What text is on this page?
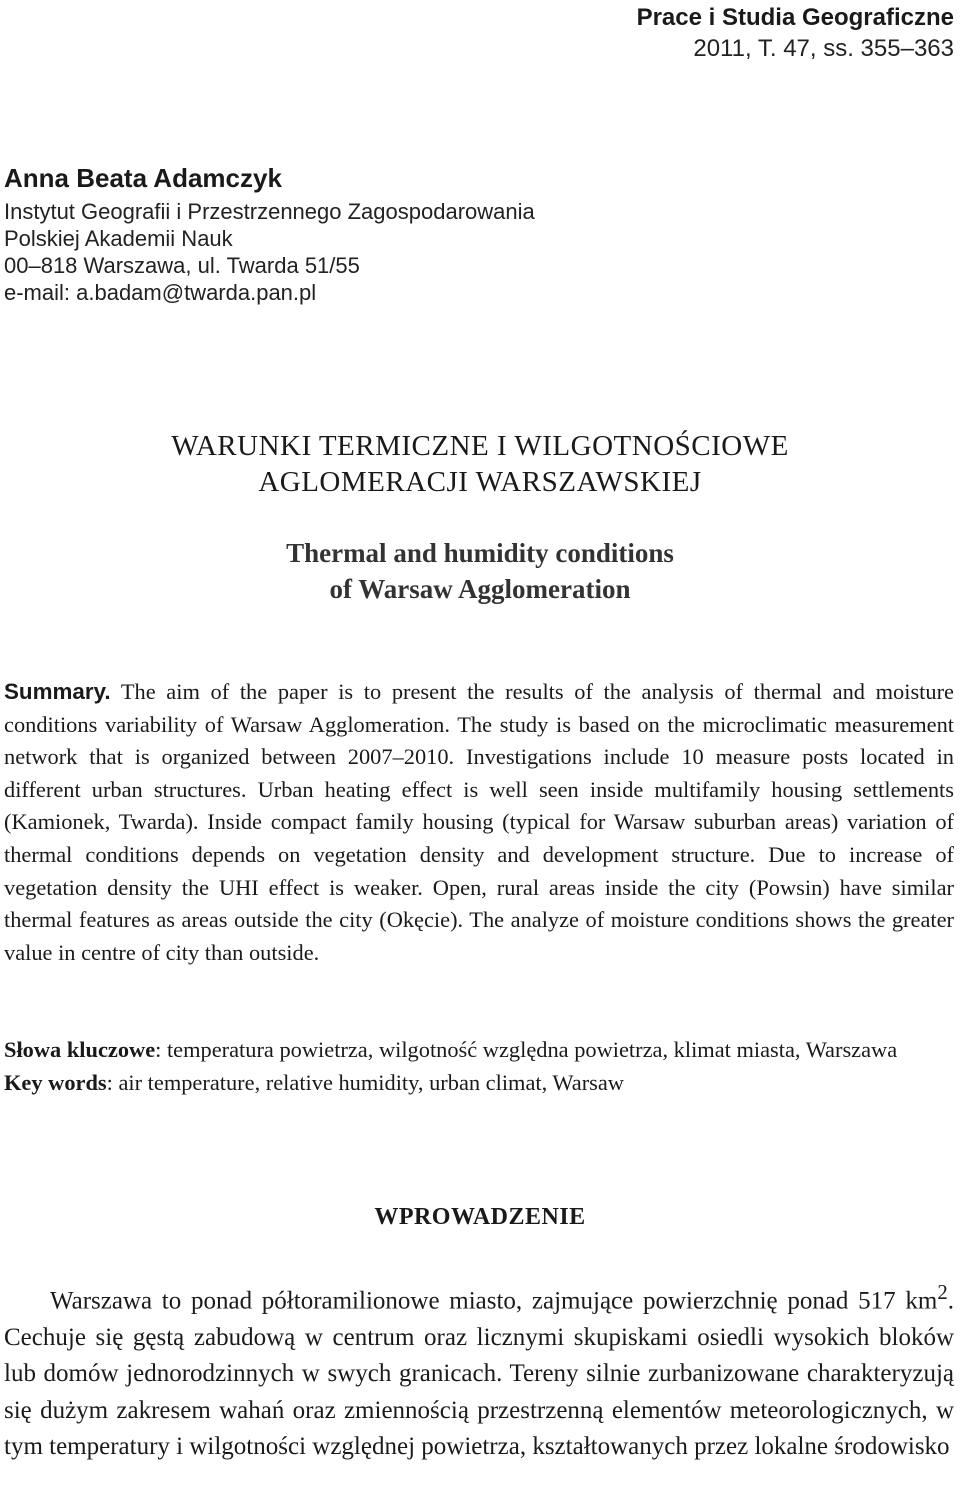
Prace i Studia Geograficzne
2011, T. 47, ss. 355–363
Anna Beata Adamczyk
Instytut Geografii i Przestrzennego Zagospodarowania
Polskiej Akademii Nauk
00–818 Warszawa, ul. Twarda 51/55
e-mail: a.badam@twarda.pan.pl
WARUNKI TERMICZNE I WILGOTNOŚCIOWE
AGLOMERACJI WARSZAWSKIEJ
Thermal and humidity conditions
of Warsaw Agglomeration
Summary. The aim of the paper is to present the results of the analysis of thermal and moisture conditions variability of Warsaw Agglomeration. The study is based on the microclimatic measurement network that is organized between 2007–2010. Investigations include 10 measure posts located in different urban structures. Urban heating effect is well seen inside multifamily housing settlements (Kamionek, Twarda). Inside compact family housing (typical for Warsaw suburban areas) variation of thermal conditions depends on vegetation density and development structure. Due to increase of vegetation density the UHI effect is weaker. Open, rural areas inside the city (Powsin) have similar thermal features as areas outside the city (Okęcie). The analyze of moisture conditions shows the greater value in centre of city than outside.

Słowa kluczowe: temperatura powietrza, wilgotność względna powietrza, klimat miasta, Warszawa

Key words: air temperature, relative humidity, urban climat, Warsaw

WPROWADZENIE

Warszawa to ponad półtoramilionowe miasto, zajmujące powierzchnię ponad 517 $km^2$. Cechuje się gęstą zabudową w centrum oraz licznymi skupiskami osiedli wysokich bloków lub domów jednorodzinnych w swych granicach. Tereny silnie zurbanizowane charakteryzują się dużym zakresem wahań oraz zmiennością przestrzenną elementów meteorologicznych, w tym temperatury i wilgotności względnej powietrza, kształtowanych przez lokalne środowisko
